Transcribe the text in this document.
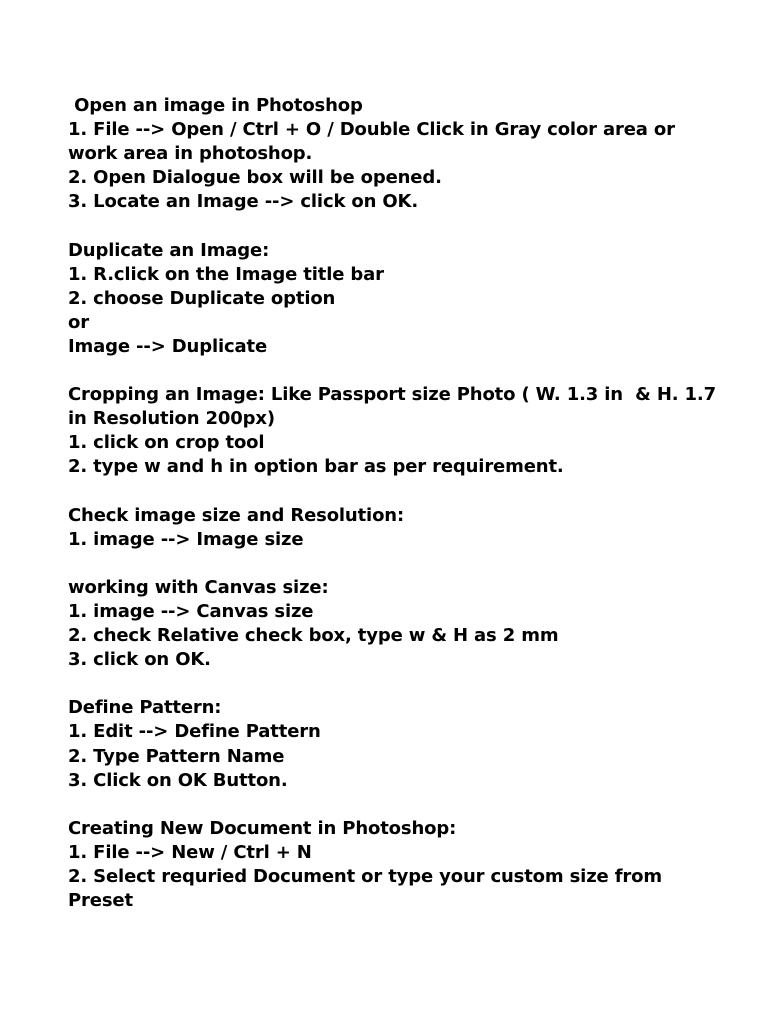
Open an image in Photoshop
1. File --> Open / Ctrl + O / Double Click in Gray color area or work area in photoshop.
2. Open Dialogue box will be opened.
3. Locate an Image --> click on OK.
Duplicate an Image:
1. R.click on the Image title bar
2. choose Duplicate option
or
Image --> Duplicate
Cropping an Image: Like Passport size Photo ( W. 1.3 in  & H. 1.7 in Resolution 200px)
1. click on crop tool
2. type w and h in option bar as per requirement.
Check image size and Resolution:
1. image --> Image size
working with Canvas size:
1. image --> Canvas size
2. check Relative check box, type w & H as 2 mm
3. click on OK.
Define Pattern:
1. Edit --> Define Pattern
2. Type Pattern Name
3. Click on OK Button.
Creating New Document in Photoshop:
1. File --> New / Ctrl + N
2. Select requried Document or type your custom size from Preset
